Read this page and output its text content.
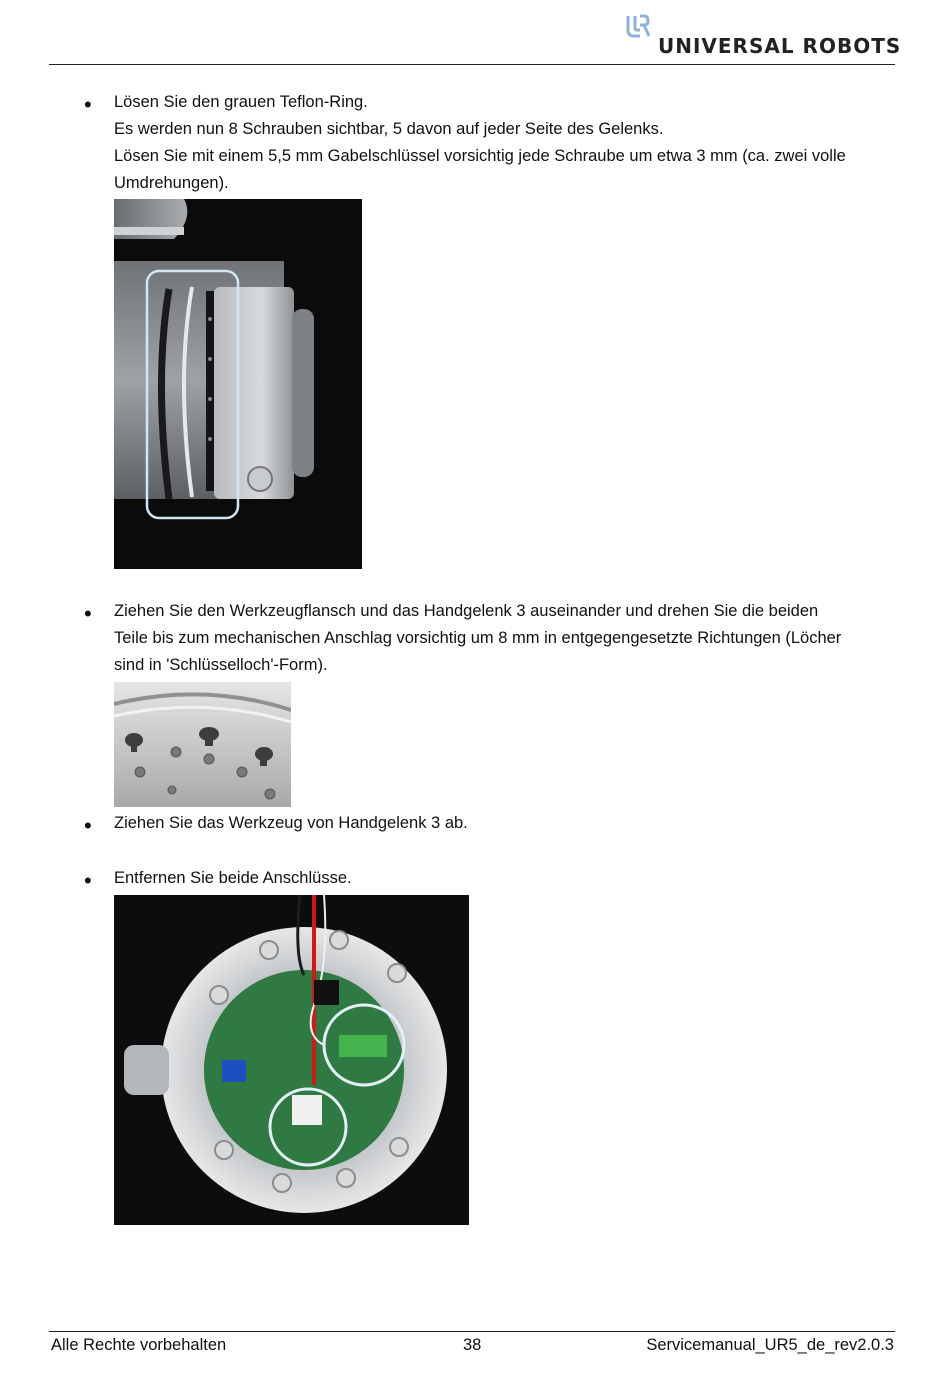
UNIVERSAL ROBOTS
• Lösen Sie den grauen Teflon-Ring.
Es werden nun 8 Schrauben sichtbar, 5 davon auf jeder Seite des Gelenks.
Lösen Sie mit einem 5,5 mm Gabelschlüssel vorsichtig jede Schraube um etwa 3 mm (ca. zwei volle
Umdrehungen).
• Ziehen Sie den Werkzeugflansch und das Handgelenk 3 auseinander und drehen Sie die beiden
Teile bis zum mechanischen Anschlag vorsichtig um 8 mm in entgegengesetzte Richtungen (Löcher
sind in 'Schlüsselloch'-Form).
• Ziehen Sie das Werkzeug von Handgelenk 3 ab.
• Entfernen Sie beide Anschlüsse.
Alle Rechte vorbehalten	38	Servicemanual_UR5_de_rev2.0.3
